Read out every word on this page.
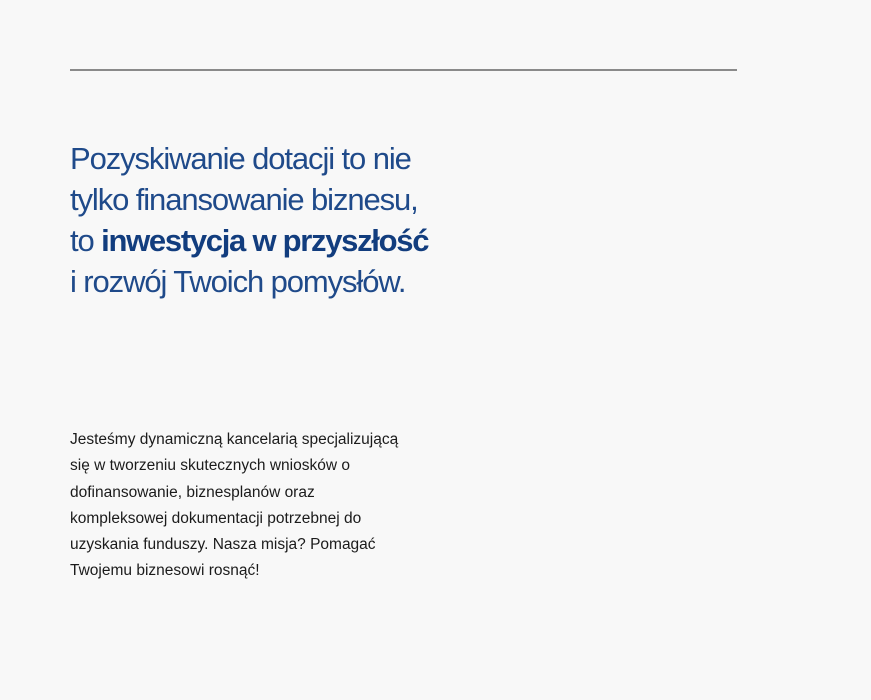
Pozyskiwanie dotacji to nie tylko finansowanie biznesu, to inwestycja w przyszłość i rozwój Twoich pomysłów.

Jesteśmy dynamiczną kancelarią specjalizującą się w tworzeniu skutecznych wniosków o dofinansowanie, biznesplanów oraz kompleksowej dokumentacji potrzebnej do uzyskania funduszy. Nasza misja? Pomagać Twojemu biznesowi rosnąć!
